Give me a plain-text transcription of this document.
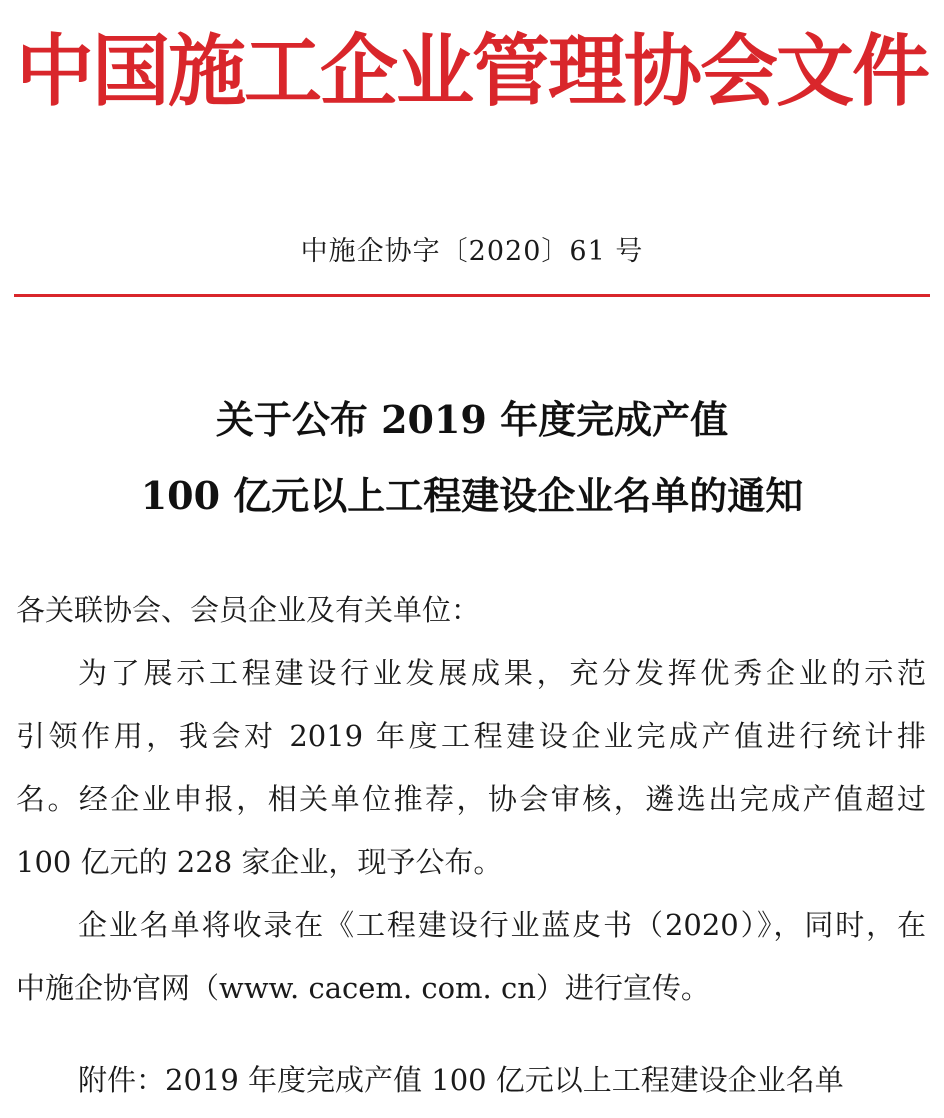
中国施工企业管理协会文件
中施企协字〔2020〕61 号
关于公布 2019 年度完成产值
100 亿元以上工程建设企业名单的通知
各关联协会、会员企业及有关单位：
为了展示工程建设行业发展成果，充分发挥优秀企业的示范
引领作用，我会对 2019 年度工程建设企业完成产值进行统计排
名。经企业申报，相关单位推荐，协会审核，遴选出完成产值超过
100 亿元的 228 家企业，现予公布。
企业名单将收录在《工程建设行业蓝皮书（2020）》，同时，在
中施企协官网（www. cacem. com. cn）进行宣传。
附件：2019 年度完成产值 100 亿元以上工程建设企业名单
